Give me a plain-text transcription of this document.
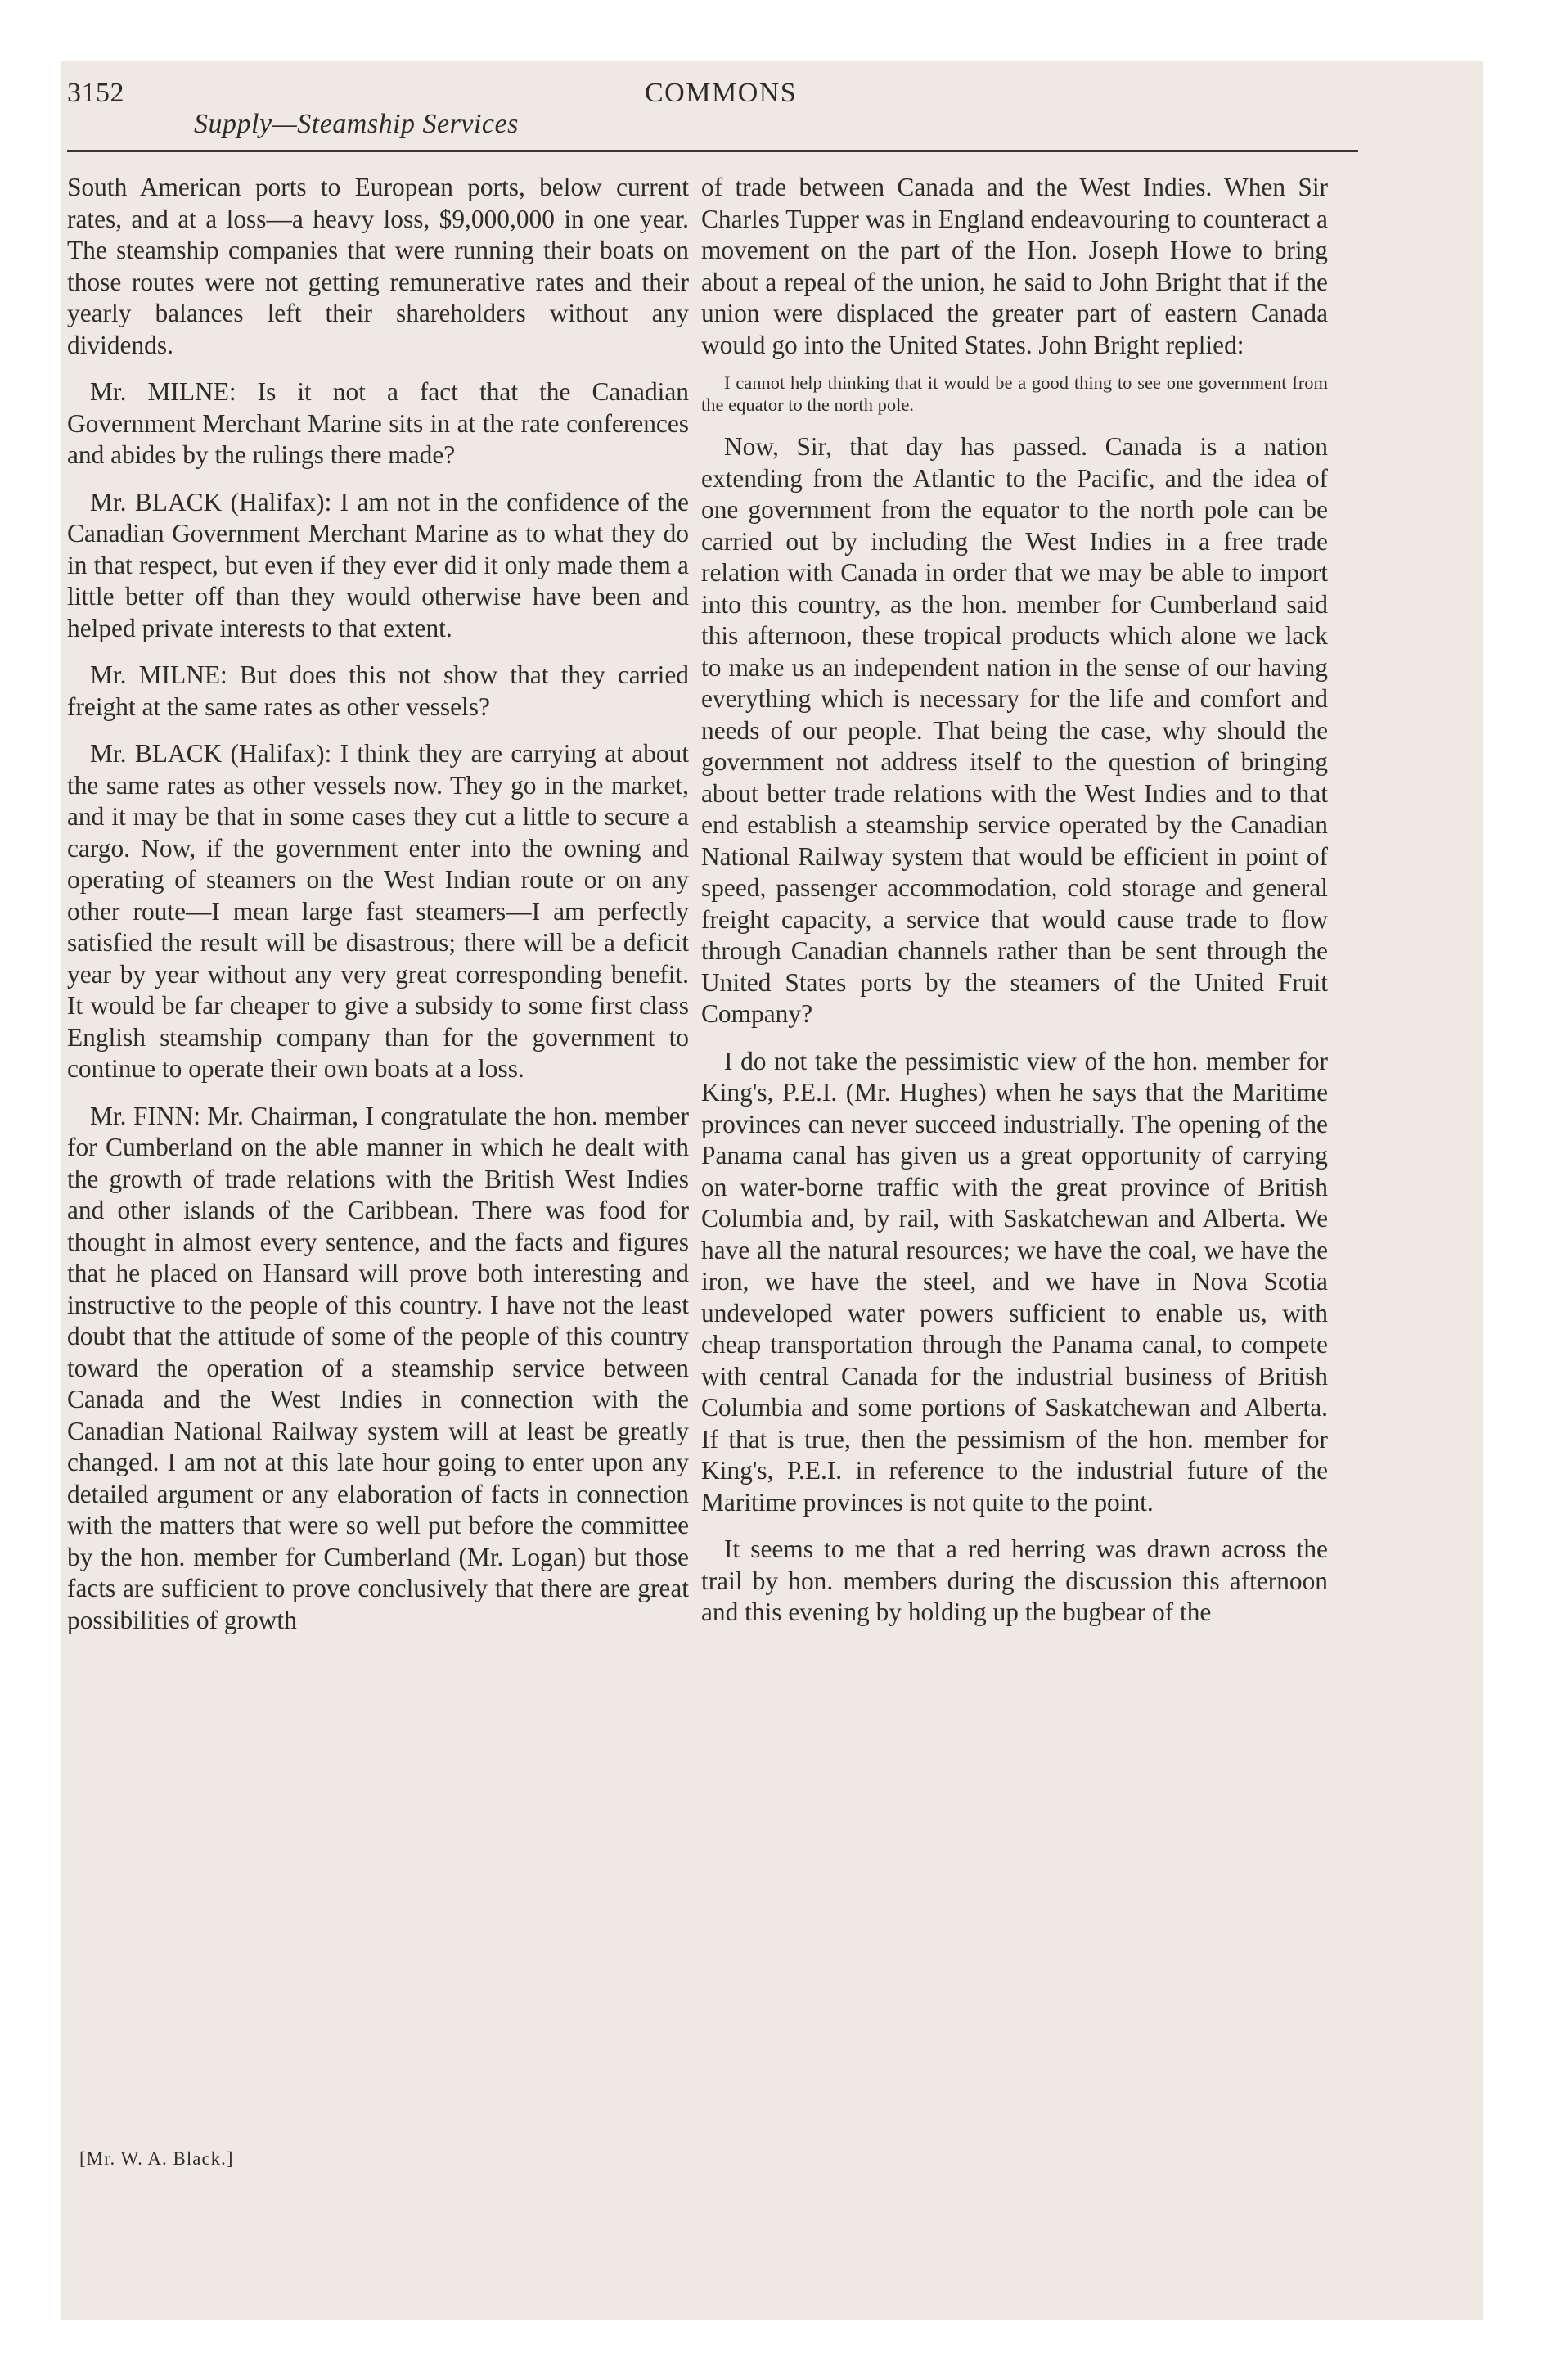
3152	COMMONS
Supply—Steamship Services

South American ports to European ports, below current rates, and at a loss—a heavy loss, $9,000,000 in one year. The steamship companies that were running their boats on those routes were not getting remunerative rates and their yearly balances left their shareholders without any dividends.

Mr. MILNE: Is it not a fact that the Canadian Government Merchant Marine sits in at the rate conferences and abides by the rulings there made?

Mr. BLACK (Halifax): I am not in the confidence of the Canadian Government Merchant Marine as to what they do in that respect, but even if they ever did it only made them a little better off than they would otherwise have been and helped private interests to that extent.

Mr. MILNE: But does this not show that they carried freight at the same rates as other vessels?

Mr. BLACK (Halifax): I think they are carrying at about the same rates as other vessels now. They go in the market, and it may be that in some cases they cut a little to secure a cargo. Now, if the government enter into the owning and operating of steamers on the West Indian route or on any other route—I mean large fast steamers—I am perfectly satisfied the result will be disastrous; there will be a deficit year by year without any very great corresponding benefit. It would be far cheaper to give a subsidy to some first class English steamship company than for the government to continue to operate their own boats at a loss.

Mr. FINN: Mr. Chairman, I congratulate the hon. member for Cumberland on the able manner in which he dealt with the growth of trade relations with the British West Indies and other islands of the Caribbean. There was food for thought in almost every sentence, and the facts and figures that he placed on Hansard will prove both interesting and instructive to the people of this country. I have not the least doubt that the attitude of some of the people of this country toward the operation of a steamship service between Canada and the West Indies in connection with the Canadian National Railway system will at least be greatly changed. I am not at this late hour going to enter upon any detailed argument or any elaboration of facts in connection with the matters that were so well put before the committee by the hon. member for Cumberland (Mr. Logan) but those facts are sufficient to prove conclusively that there are great possibilities of growth

[Mr. W. A. Black.]

of trade between Canada and the West Indies. When Sir Charles Tupper was in England endeavouring to counteract a movement on the part of the Hon. Joseph Howe to bring about a repeal of the union, he said to John Bright that if the union were displaced the greater part of eastern Canada would go into the United States. John Bright replied:

I cannot help thinking that it would be a good thing to see one government from the equator to the north pole.

Now, Sir, that day has passed. Canada is a nation extending from the Atlantic to the Pacific, and the idea of one government from the equator to the north pole can be carried out by including the West Indies in a free trade relation with Canada in order that we may be able to import into this country, as the hon. member for Cumberland said this afternoon, these tropical products which alone we lack to make us an independent nation in the sense of our having everything which is necessary for the life and comfort and needs of our people. That being the case, why should the government not address itself to the question of bringing about better trade relations with the West Indies and to that end establish a steamship service operated by the Canadian National Railway system that would be efficient in point of speed, passenger accommodation, cold storage and general freight capacity, a service that would cause trade to flow through Canadian channels rather than be sent through the United States ports by the steamers of the United Fruit Company?

I do not take the pessimistic view of the hon. member for King's, P.E.I. (Mr. Hughes) when he says that the Maritime provinces can never succeed industrially. The opening of the Panama canal has given us a great opportunity of carrying on water-borne traffic with the great province of British Columbia and, by rail, with Saskatchewan and Alberta. We have all the natural resources; we have the coal, we have the iron, we have the steel, and we have in Nova Scotia undeveloped water powers sufficient to enable us, with cheap transportation through the Panama canal, to compete with central Canada for the industrial business of British Columbia and some portions of Saskatchewan and Alberta. If that is true, then the pessimism of the hon. member for King's, P.E.I. in reference to the industrial future of the Maritime provinces is not quite to the point.

It seems to me that a red herring was drawn across the trail by hon. members during the discussion this afternoon and this evening by holding up the bugbear of the
